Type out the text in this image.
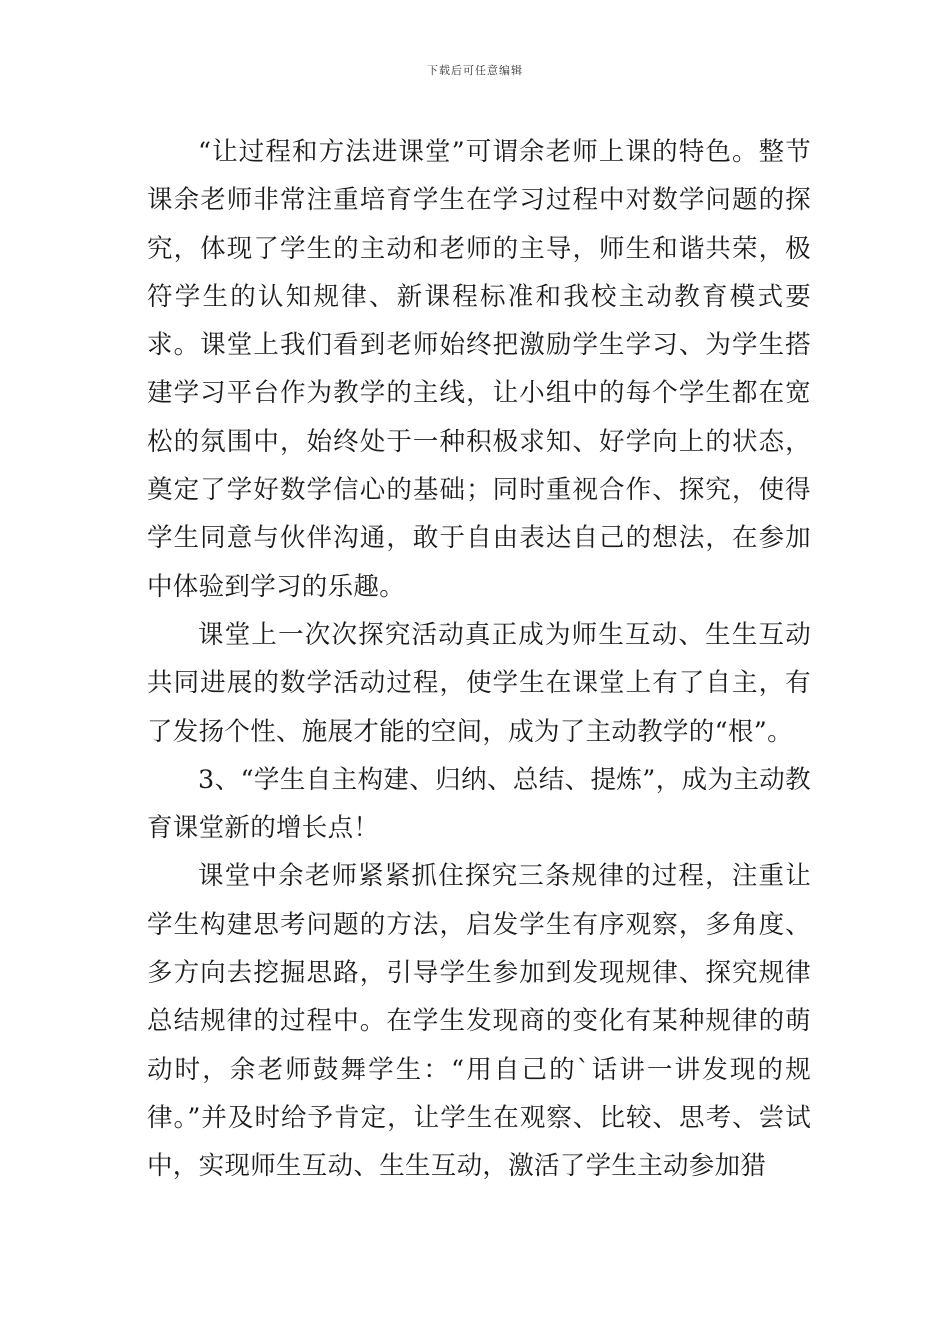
下载后可任意编辑

“让过程和方法进课堂”可谓余老师上课的特色。整节课余老师非常注重培育学生在学习过程中对数学问题的探究，体现了学生的主动和老师的主导，师生和谐共荣，极符学生的认知规律、新课程标准和我校主动教育模式要求。课堂上我们看到老师始终把激励学生学习、为学生搭建学习平台作为教学的主线，让小组中的每个学生都在宽松的氛围中，始终处于一种积极求知、好学向上的状态，奠定了学好数学信心的基础；同时重视合作、探究，使得学生同意与伙伴沟通，敢于自由表达自己的想法，在参加中体验到学习的乐趣。

课堂上一次次探究活动真正成为师生互动、生生互动共同进展的数学活动过程，使学生在课堂上有了自主，有了发扬个性、施展才能的空间，成为了主动教学的“根”。

3、“学生自主构建、归纳、总结、提炼”，成为主动教育课堂新的增长点！

课堂中余老师紧紧抓住探究三条规律的过程，注重让学生构建思考问题的方法，启发学生有序观察，多角度、多方向去挖掘思路，引导学生参加到发现规律、探究规律总结规律的过程中。在学生发现商的变化有某种规律的萌动时，余老师鼓舞学生：“用自己的`话讲一讲发现的规律。”并及时给予肯定，让学生在观察、比较、思考、尝试中，实现师生互动、生生互动，激活了学生主动参加猎
